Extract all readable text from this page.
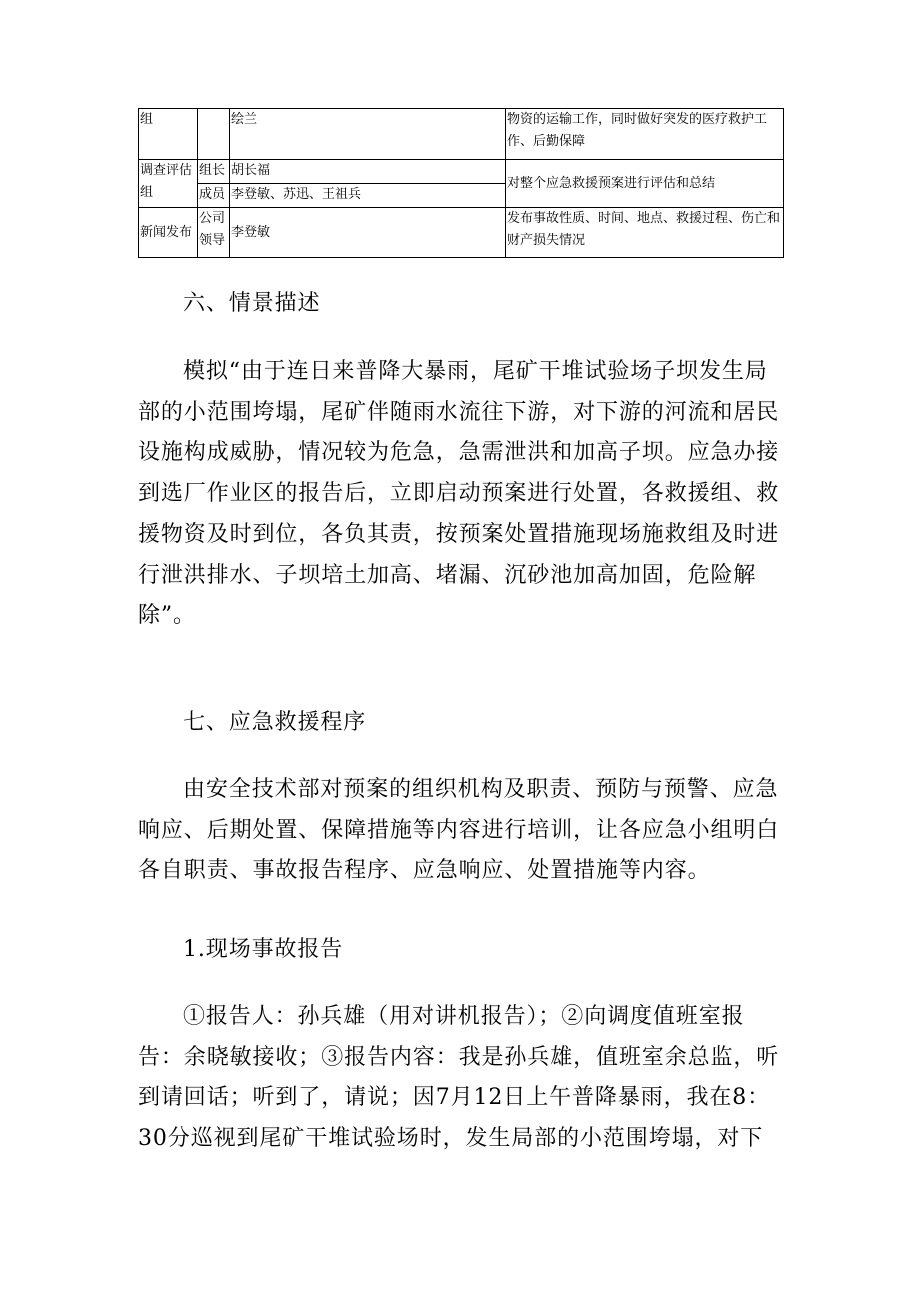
组		绘兰	物资的运输工作，同时做好突发的医疗救护工作、后勤保障
调查评估组	组长	胡长福	对整个应急救援预案进行评估和总结
	成员	李登敏、苏迅、王祖兵	
新闻发布	公司领导	李登敏	发布事故性质、时间、地点、救援过程、伤亡和财产损失情况

六、情景描述

模拟“由于连日来普降大暴雨，尾矿干堆试验场子坝发生局部的小范围垮塌，尾矿伴随雨水流往下游，对下游的河流和居民设施构成威胁，情况较为危急，急需泄洪和加高子坝。应急办接到选厂作业区的报告后，立即启动预案进行处置，各救援组、救援物资及时到位，各负其责，按预案处置措施现场施救组及时进行泄洪排水、子坝培土加高、堵漏、沉砂池加高加固，危险解除”。

七、应急救援程序

由安全技术部对预案的组织机构及职责、预防与预警、应急响应、后期处置、保障措施等内容进行培训，让各应急小组明白各自职责、事故报告程序、应急响应、处置措施等内容。

1.现场事故报告

①报告人：孙兵雄（用对讲机报告）；②向调度值班室报告：余晓敏接收；③报告内容：我是孙兵雄，值班室余总监，听到请回话；听到了，请说；因7月12日上午普降暴雨，我在8：30分巡视到尾矿干堆试验场时，发生局部的小范围垮塌，对下
